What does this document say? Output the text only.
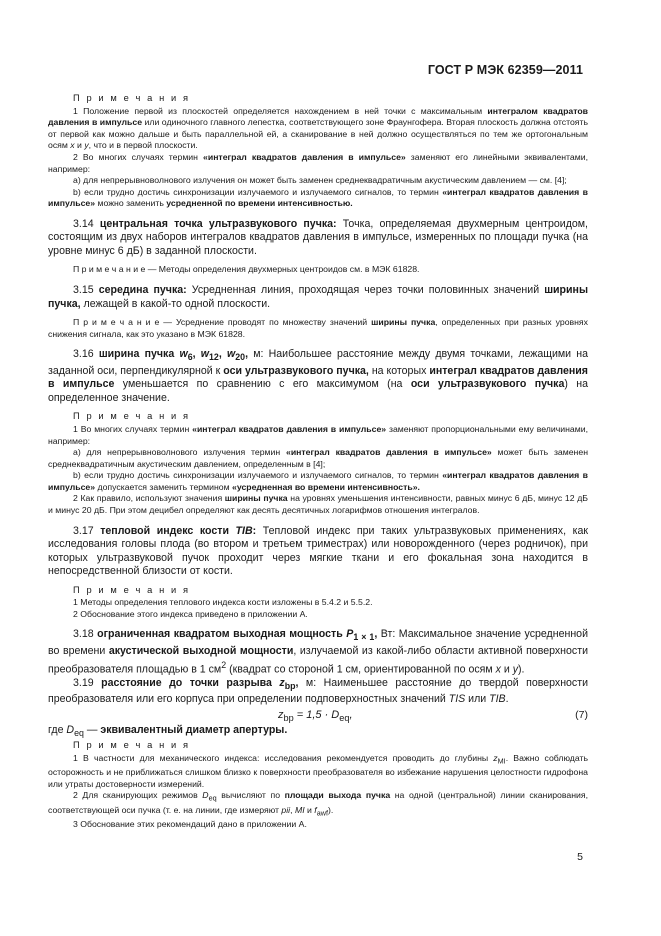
ГОСТ Р МЭК 62359—2011
П р и м е ч а н и я

1 Положение первой из плоскостей определяется нахождением в ней точки с максимальным интегралом квадратов давления в импульсе или одиночного главного лепестка, соответствующего зоне Фраунгофера. Вторая плоскость должна отстоять от первой как можно дальше и быть параллельной ей, а сканирование в ней должно осуществляться по тем же ортогональным осям x и y, что и в первой плоскости.

2 Во многих случаях термин «интеграл квадратов давления в импульсе» заменяют его линейными эквивалентами, например:

а) для непрерывноволнового излучения он может быть заменен среднеквадратичным акустическим давлением — см. [4];

b) если трудно достичь синхронизации излучаемого и излучаемого сигналов, то термин «интеграл квадратов давления в импульсе» можно заменить усредненной по времени интенсивностью.

3.14 центральная точка ультразвукового пучка: Точка, определяемая двухмерным центроидом, состоящим из двух наборов интегралов квадратов давления в импульсе, измеренных по площади пучка (на уровне минус 6 дБ) в заданной плоскости.

П р и м е ч а н и е — Методы определения двухмерных центроидов см. в МЭК 61828.

3.15 середина пучка: Усредненная линия, проходящая через точки половинных значений ширины пучка, лежащей в какой-то одной плоскости.

П р и м е ч а н и е — Усреднение проводят по множеству значений ширины пучка, определенных при разных уровнях снижения сигнала, как это указано в МЭК 61828.

3.16 ширина пучка $w_6$, $w_{12}$, $w_{20}$, м: Наибольшее расстояние между двумя точками, лежащими на заданной оси, перпендикулярной к оси ультразвукового пучка, на которых интеграл квадратов давления в импульсе уменьшается по сравнению с его максимумом (на оси ультразвукового пучка) на определенное значение.

П р и м е ч а н и я

1 Во многих случаях термин «интеграл квадратов давления в импульсе» заменяют пропорциональными ему величинами, например:

а) для непрерывноволнового излучения термин «интеграл квадратов давления в импульсе» может быть заменен среднеквадратичным акустическим давлением, определенным в [4];

b) если трудно достичь синхронизации излучаемого и излучаемого сигналов, то термин «интеграл квадратов давления в импульсе» допускается заменить термином «усредненная во времени интенсивность».

2 Как правило, используют значения ширины пучка на уровнях уменьшения интенсивности, равных минус 6 дБ, минус 12 дБ и минус 20 дБ. При этом децибел определяют как десять десятичных логарифмов отношения интегралов.

3.17 тепловой индекс кости TIB: Тепловой индекс при таких ультразвуковых применениях, как исследования головы плода (во втором и третьем триместрах) или новорожденного (через родничок), при которых ультразвуковой пучок проходит через мягкие ткани и его фокальная зона находится в непосредственной близости от кости.

П р и м е ч а н и я

1 Методы определения теплового индекса кости изложены в 5.4.2 и 5.5.2.

2 Обоснование этого индекса приведено в приложении А.

3.18 ограниченная квадратом выходная мощность $P_{1 \times 1}$, Вт: Максимальное значение усредненной во времени акустической выходной мощности, излучаемой из какой-либо области активной поверхности преобразователя площадью в 1 $см^2$ (квадрат со стороной 1 см, ориентированной по осям x и y).

3.19 расстояние до точки разрыва $z_{bp}$, м: Наименьшее расстояние до твердой поверхности преобразователя или его корпуса при определении подповерхностных значений TIS или TIB.

$z_{bp} = 1,5 \cdot D_{eq}$,	(7)

где $D_{eq}$ — эквивалентный диаметр апертуры.

П р и м е ч а н и я

1 В частности для механического индекса: исследования рекомендуется проводить до глубины $z_{MI}$. Важно соблюдать осторожность и не приближаться слишком близко к поверхности преобразователя во избежание нарушения целостности гидрофона или утраты достоверности измерений.

2 Для сканирующих режимов $D_{eq}$ вычисляют по площади выхода пучка на одной (центральной) линии сканирования, соответствующей оси пучка (т. е. на линии, где измеряют pii, MI и $f_{awf}$).

3 Обоснование этих рекомендаций дано в приложении А.

5
